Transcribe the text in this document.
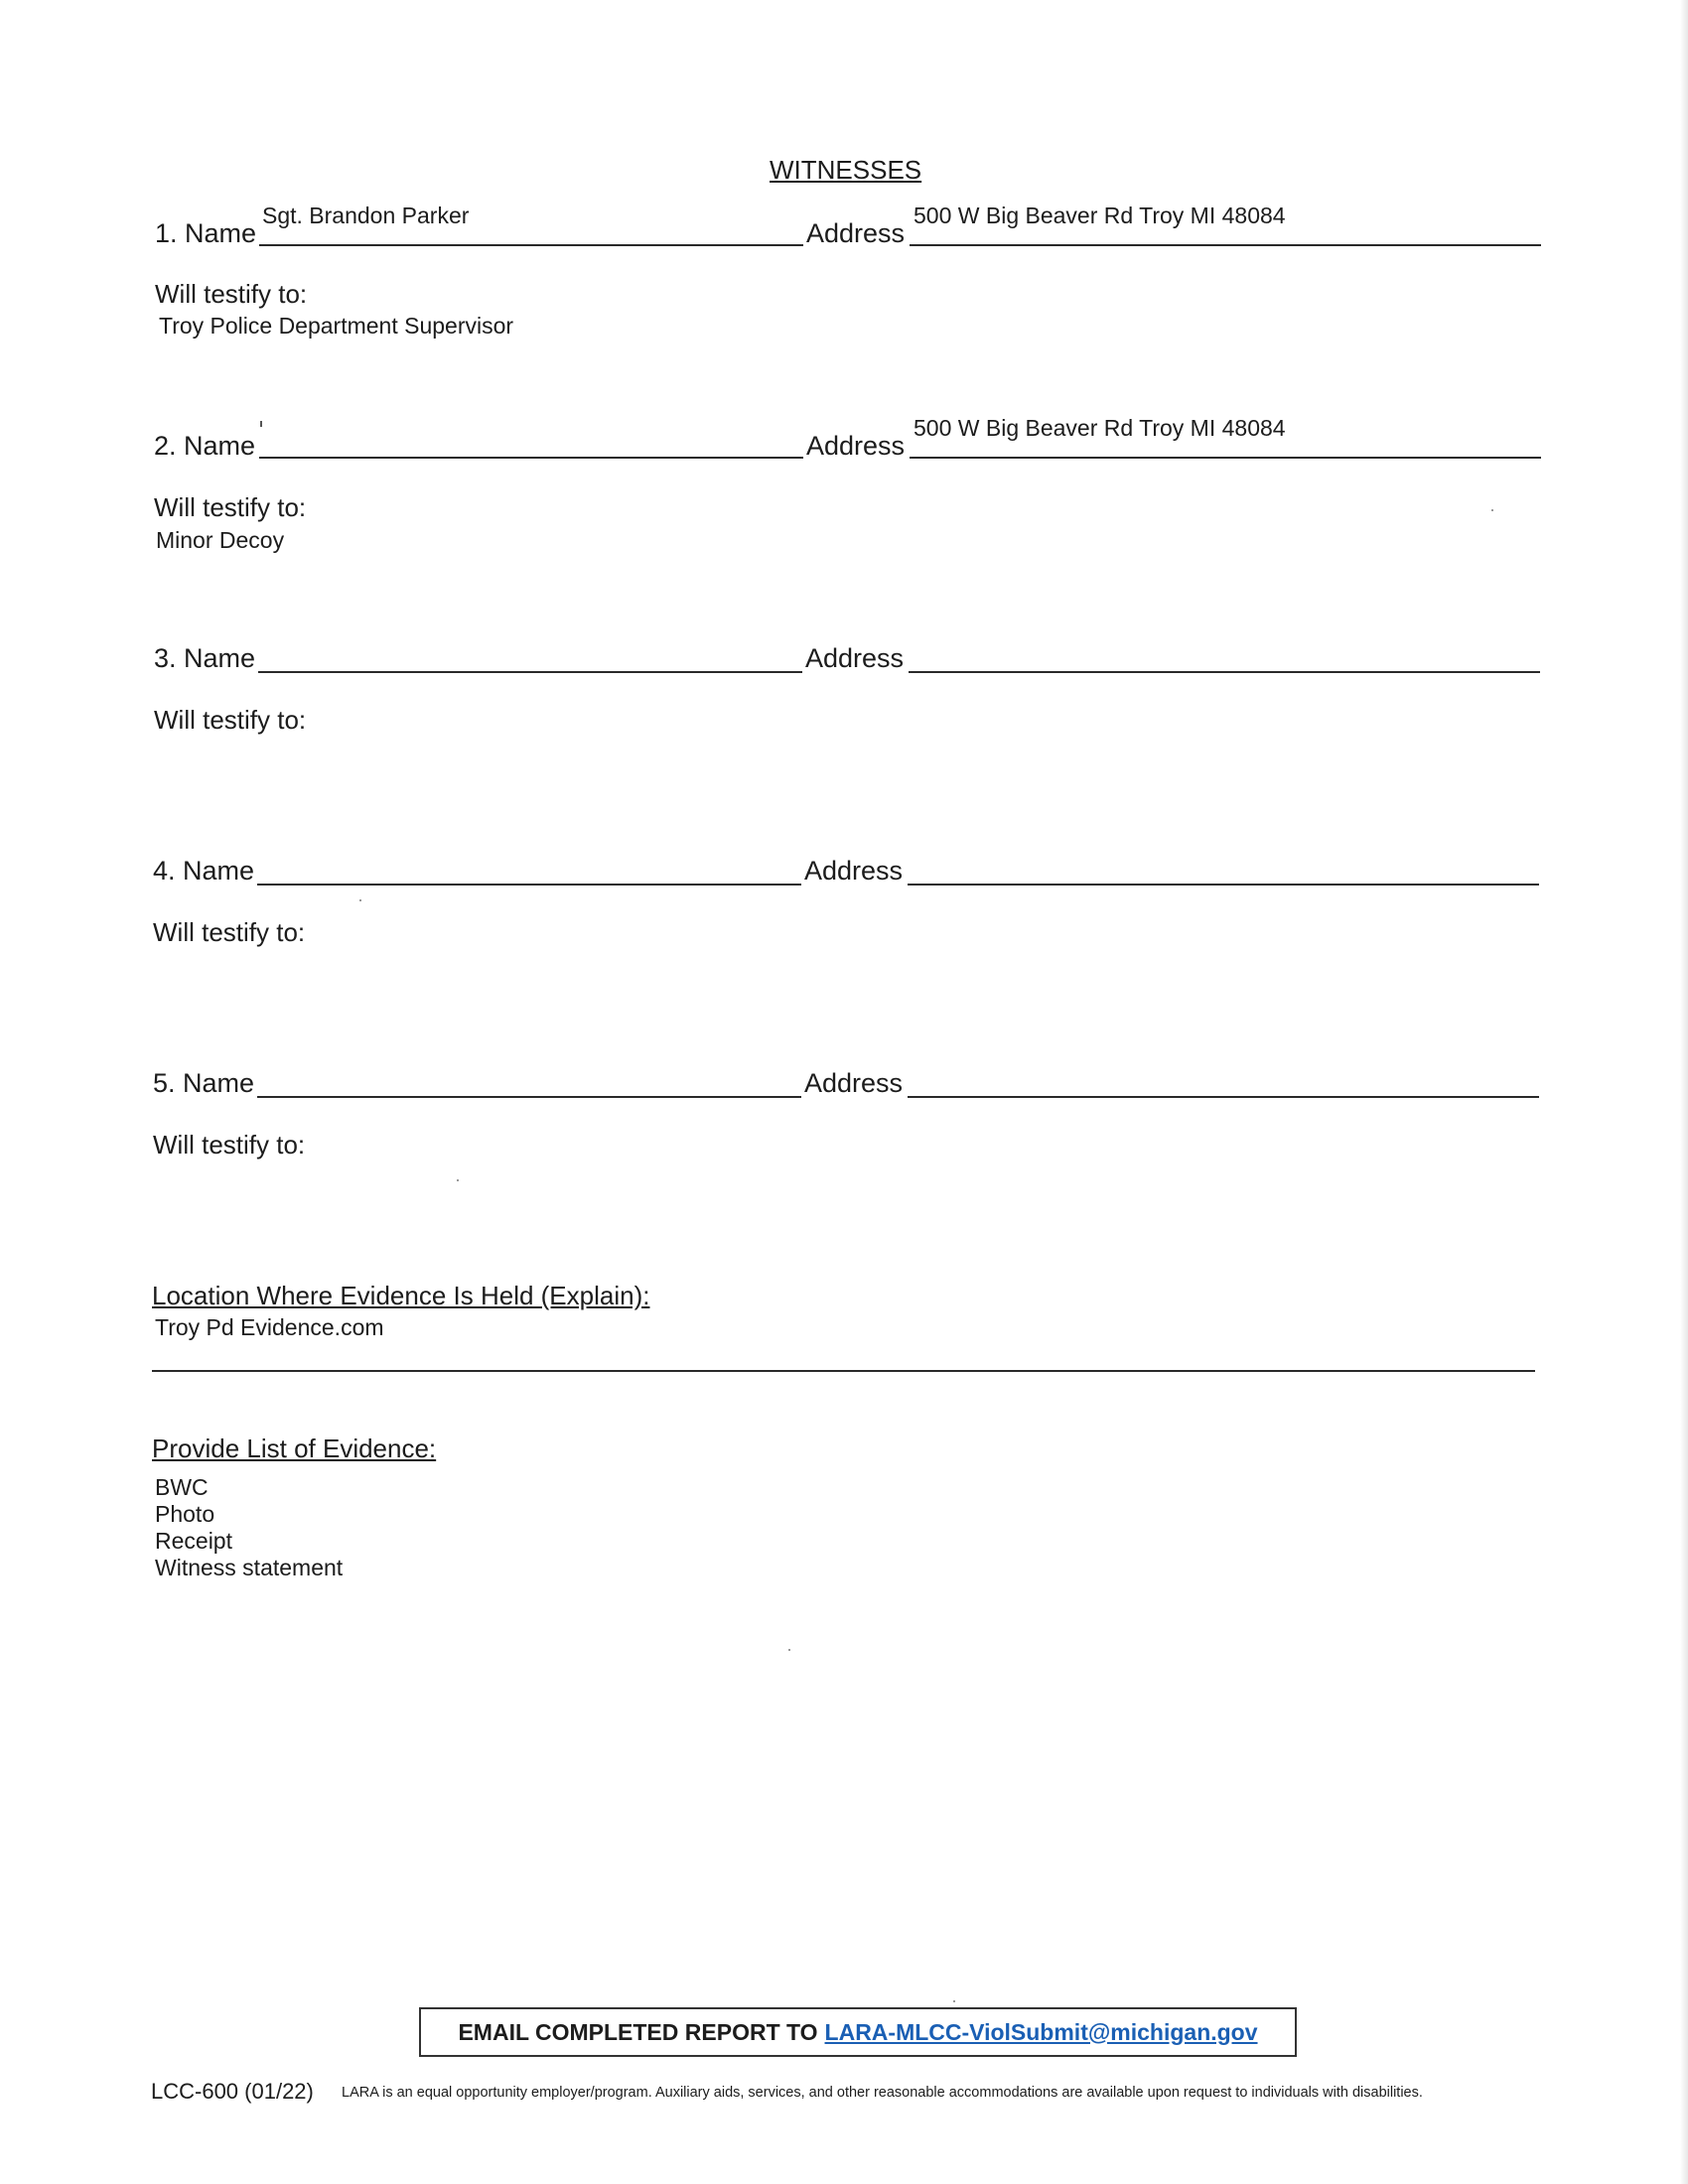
WITNESSES
1. Name
Sgt. Brandon Parker
Address
500 W Big Beaver Rd Troy MI 48084
Will testify to:
Troy Police Department Supervisor
2. Name	Address
500 W Big Beaver Rd Troy MI 48084
Will testify to:
Minor Decoy
3. Name	Address
Will testify to:
4. Name	Address
Will testify to:
5. Name	Address
Will testify to:
Location Where Evidence Is Held (Explain):
Troy Pd Evidence.com
Provide List of Evidence:
BWC
Photo
Receipt
Witness statement
EMAIL COMPLETED REPORT TO LARA-MLCC-ViolSubmit@michigan.gov
LCC-600 (01/22) LARA is an equal opportunity employer/program. Auxiliary aids, services, and other reasonable accommodations are available upon request to individuals with disabilities.
